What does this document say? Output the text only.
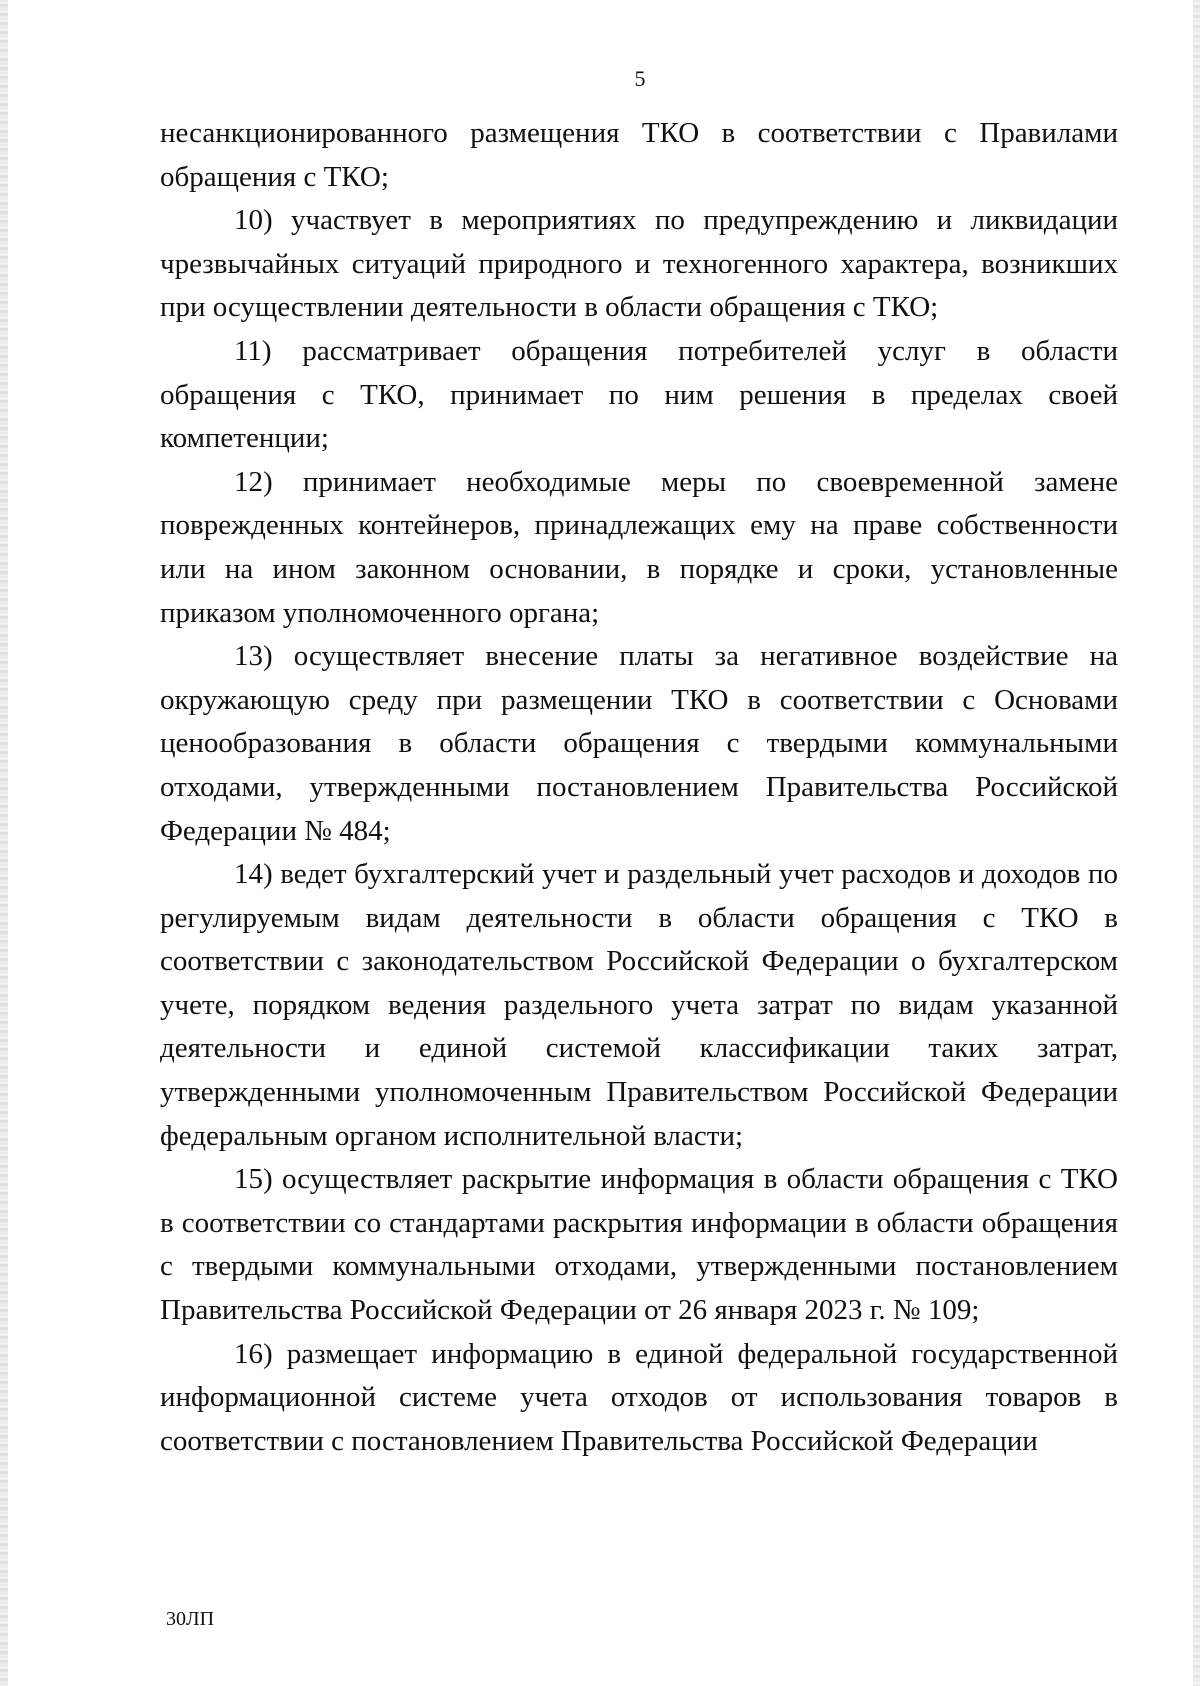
5

несанкционированного размещения ТКО в соответствии с Правилами обращения с ТКО;

10) участвует в мероприятиях по предупреждению и ликвидации чрезвычайных ситуаций природного и техногенного характера, возникших при осуществлении деятельности в области обращения с ТКО;

11) рассматривает обращения потребителей услуг в области обращения с ТКО, принимает по ним решения в пределах своей компетенции;

12) принимает необходимые меры по своевременной замене поврежденных контейнеров, принадлежащих ему на праве собственности или на ином законном основании, в порядке и сроки, установленные приказом уполномоченного органа;

13) осуществляет внесение платы за негативное воздействие на окружающую среду при размещении ТКО в соответствии с Основами ценообразования в области обращения с твердыми коммунальными отходами, утвержденными постановлением Правительства Российской Федерации № 484;

14) ведет бухгалтерский учет и раздельный учет расходов и доходов по регулируемым видам деятельности в области обращения с ТКО в соответствии с законодательством Российской Федерации о бухгалтерском учете, порядком ведения раздельного учета затрат по видам указанной деятельности и единой системой классификации таких затрат, утвержденными уполномоченным Правительством Российской Федерации федеральным органом исполнительной власти;

15) осуществляет раскрытие информация в области обращения с ТКО в соответствии со стандартами раскрытия информации в области обращения с твердыми коммунальными отходами, утвержденными постановлением Правительства Российской Федерации от 26 января 2023 г. № 109;

16) размещает информацию в единой федеральной государственной информационной системе учета отходов от использования товаров в соответствии с постановлением Правительства Российской Федерации

30ЛП
